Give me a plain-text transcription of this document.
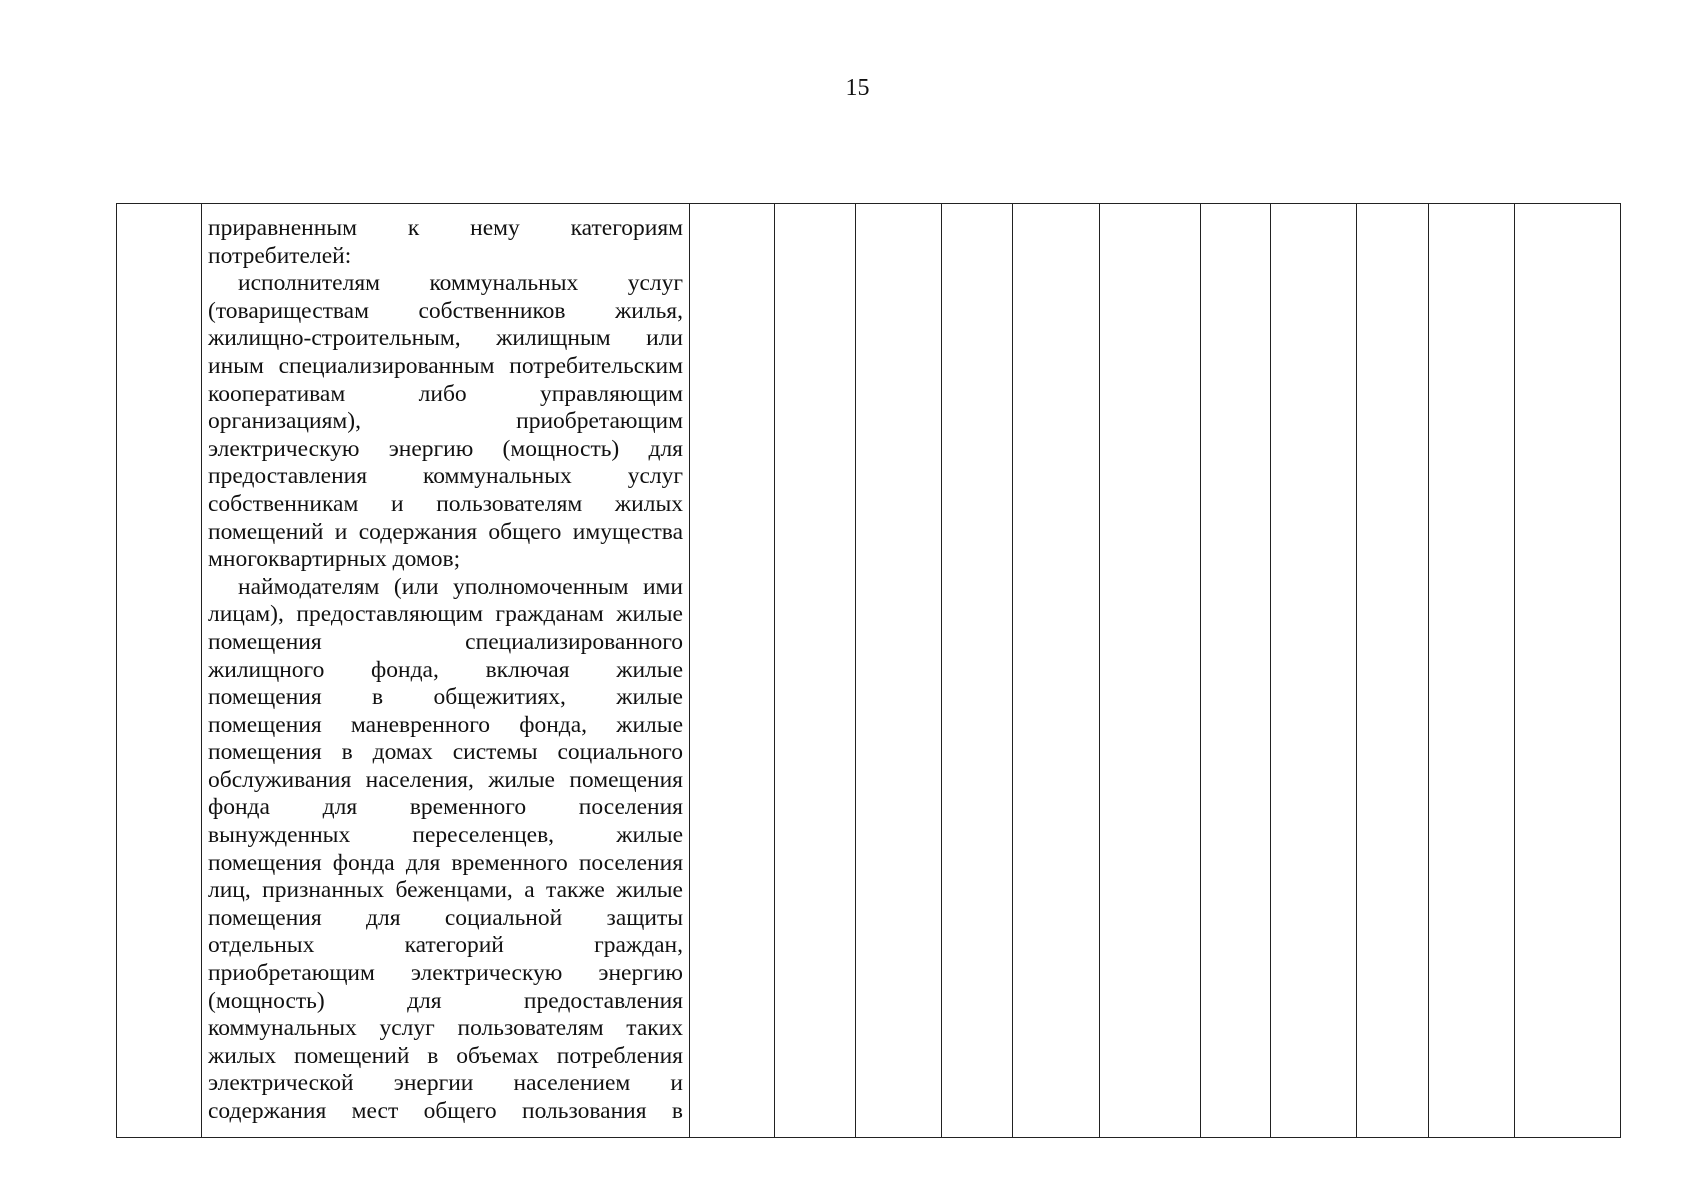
15

приравненным к нему категориям

потребителей:

исполнителям коммунальных услуг

(товариществам собственников жилья,

жилищно-строительным, жилищным или

иным специализированным потребительским

кооперативам либо управляющим

организациям), приобретающим

электрическую энергию (мощность) для

предоставления коммунальных услуг

собственникам и пользователям жилых

помещений и содержания общего имущества

многоквартирных домов;

наймодателям (или уполномоченным ими

лицам), предоставляющим гражданам жилые

помещения специализированного

жилищного фонда, включая жилые

помещения в общежитиях, жилые

помещения маневренного фонда, жилые

помещения в домах системы социального

обслуживания населения, жилые помещения

фонда для временного поселения

вынужденных переселенцев, жилые

помещения фонда для временного поселения

лиц, признанных беженцами, а также жилые

помещения для социальной защиты

отдельных категорий граждан,

приобретающим электрическую энергию

(мощность) для предоставления

коммунальных услуг пользователям таких

жилых помещений в объемах потребления

электрической энергии населением и

содержания мест общего пользования в
